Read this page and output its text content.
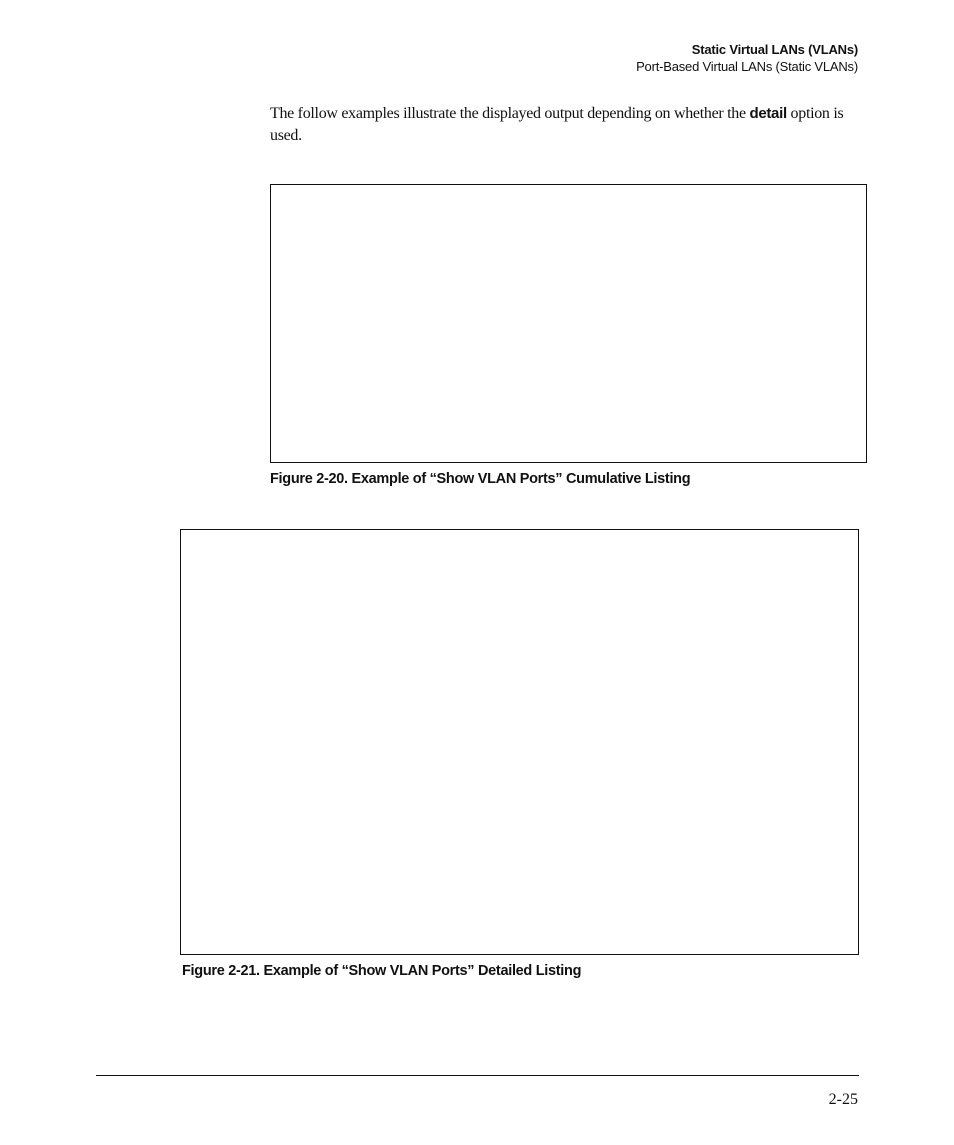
Static Virtual LANs (VLANs)
Port-Based Virtual LANs (Static VLANs)

The follow examples illustrate the displayed output depending on whether the detail option is used.

Figure 2-20. Example of “Show VLAN Ports” Cumulative Listing
Figure 2-21. Example of “Show VLAN Ports” Detailed Listing
2-25
